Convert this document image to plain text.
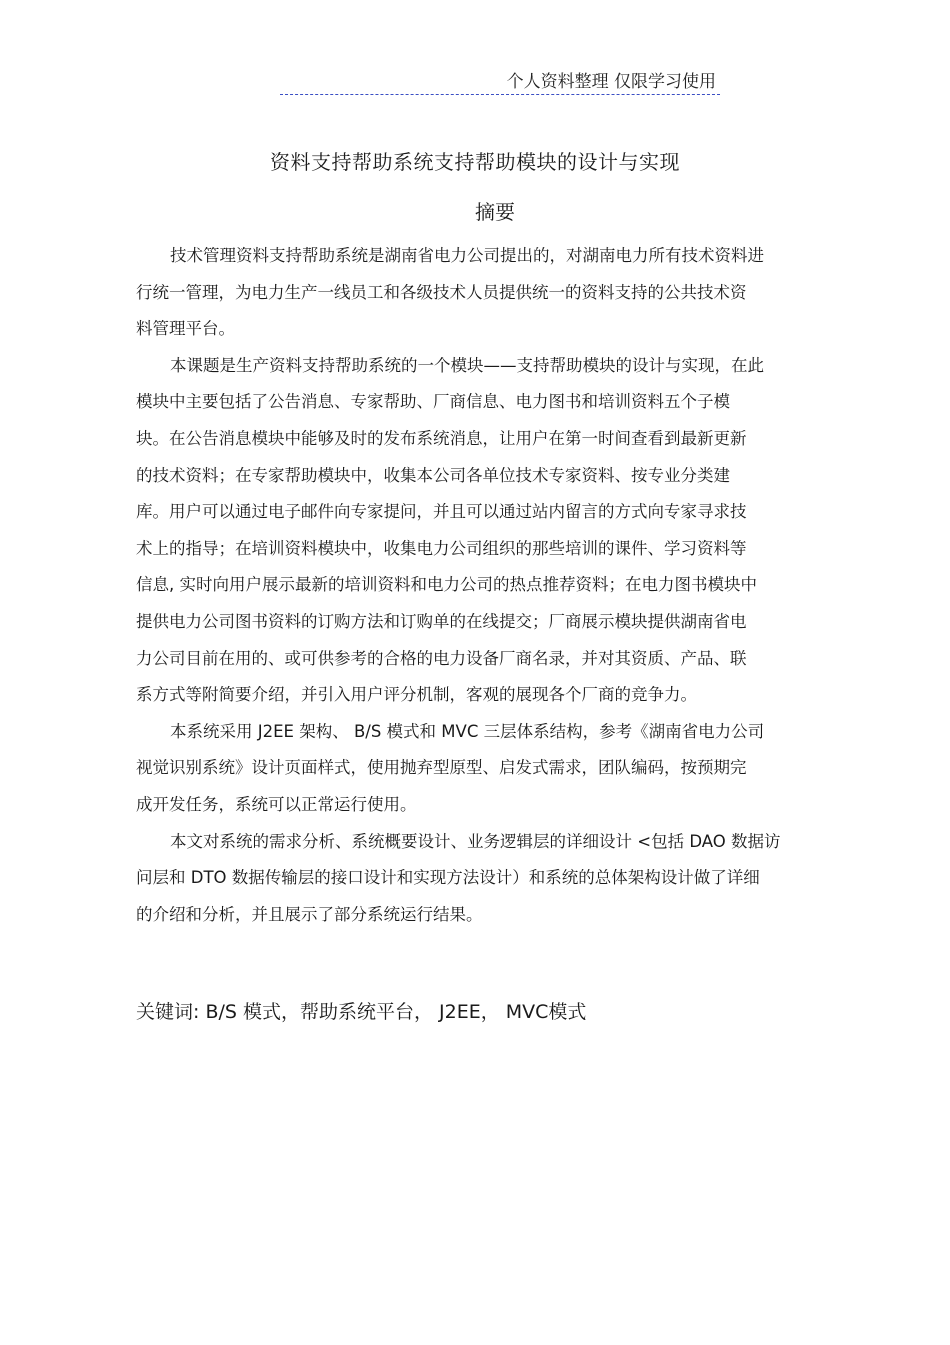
个人资料整理 仅限学习使用
资料支持帮助系统支持帮助模块的设计与实现
摘要
技术管理资料支持帮助系统是湖南省电力公司提出的，对湖南电力所有技术资料进
行统一管理，为电力生产一线员工和各级技术人员提供统一的资料支持的公共技术资
料管理平台。
本课题是生产资料支持帮助系统的一个模块——支持帮助模块的设计与实现，在此
模块中主要包括了公告消息、专家帮助、厂商信息、电力图书和培训资料五个子模
块。在公告消息模块中能够及时的发布系统消息，让用户在第一时间查看到最新更新
的技术资料；在专家帮助模块中，收集本公司各单位技术专家资料、按专业分类建
库。用户可以通过电子邮件向专家提问，并且可以通过站内留言的方式向专家寻求技
术上的指导；在培训资料模块中，收集电力公司组织的那些培训的课件、学习资料等
信息, 实时向用户展示最新的培训资料和电力公司的热点推荐资料；在电力图书模块中
提供电力公司图书资料的订购方法和订购单的在线提交；厂商展示模块提供湖南省电
力公司目前在用的、或可供参考的合格的电力设备厂商名录，并对其资质、产品、联
系方式等附简要介绍，并引入用户评分机制，客观的展现各个厂商的竞争力。
本系统采用 J2EE 架构、 B/S 模式和 MVC 三层体系结构，参考《湖南省电力公司
视觉识别系统》设计页面样式，使用抛弃型原型、启发式需求，团队编码，按预期完
成开发任务，系统可以正常运行使用。
本文对系统的需求分析、系统概要设计、业务逻辑层的详细设计 <包括 DAO 数据访
问层和 DTO 数据传输层的接口设计和实现方法设计）和系统的总体架构设计做了详细
的介绍和分析，并且展示了部分系统运行结果。
关键词: B/S 模式，帮助系统平台， J2EE， MVC模式
